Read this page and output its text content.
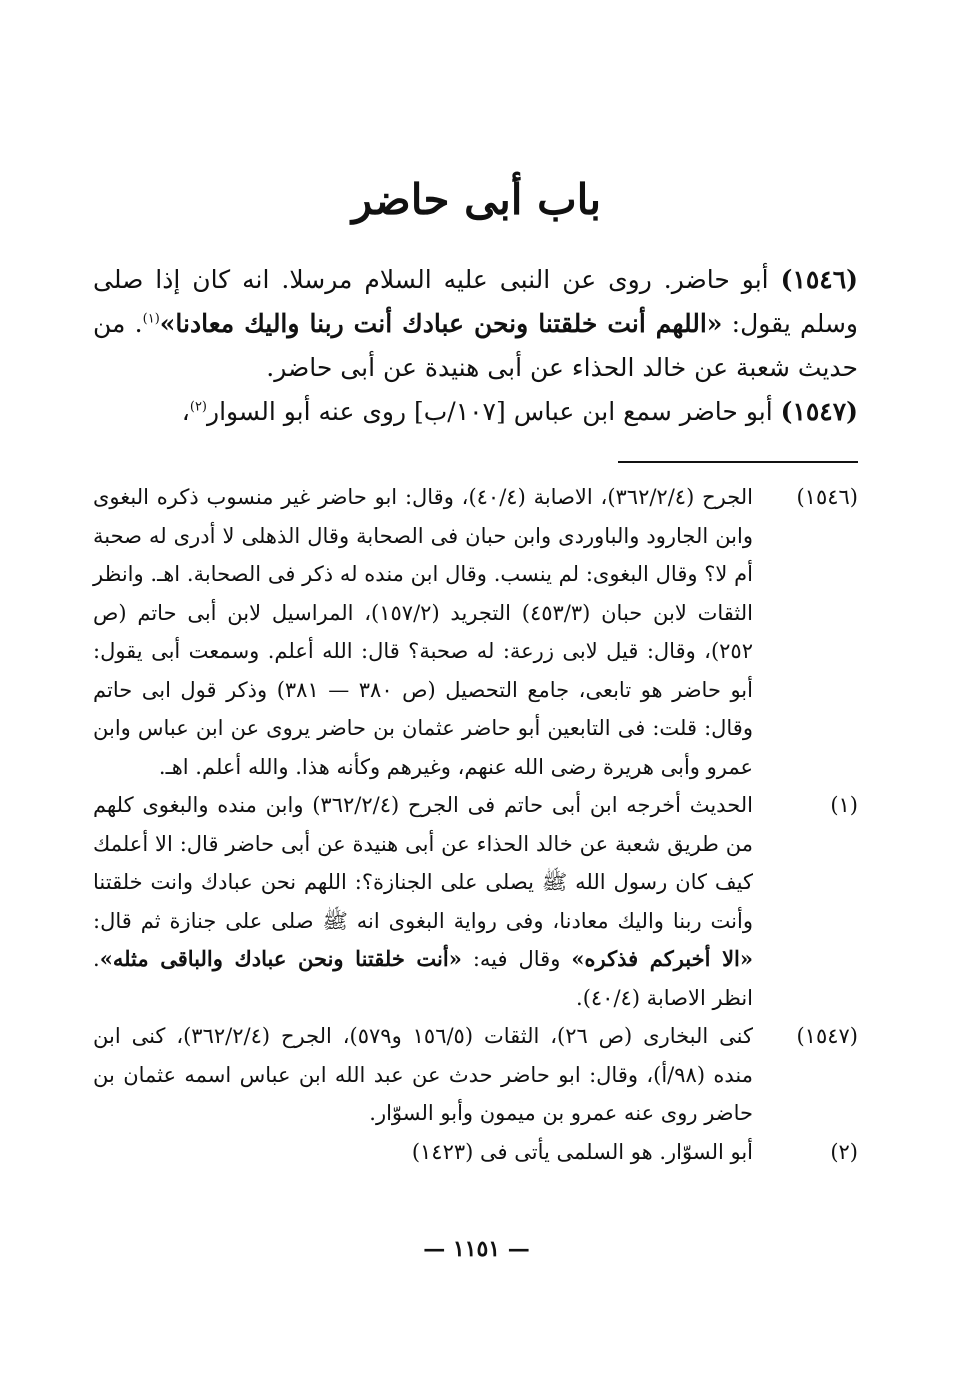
باب أبى حاضر

(١٥٤٦) أبو حاضر. روى عن النبى عليه السلام مرسلا. انه كان إذا صلى وسلم يقول: «اللهم أنت خلقتنا ونحن عبادك أنت ربنا واليك معادنا»$^{(١)}$. من حديث شعبة عن خالد الحذاء عن أبى هنيدة عن أبى حاضر.

(١٥٤٧) أبو حاضر سمع ابن عباس [١٠٧/ب] روى عنه أبو السوار$^{(٢)}$،

(١٥٤٦)
الجرح (٣٦٢/٢/٤)، الاصابة (٤٠/٤)، وقال: ابو حاضر غير منسوب ذكره البغوى وابن الجارود والباوردى وابن حبان فى الصحابة وقال الذهلى لا أدرى له صحبة أم لا؟ وقال البغوى: لم ينسب. وقال ابن منده له ذكر فى الصحابة. اهـ. وانظر الثقات لابن حبان (٤٥٣/٣) التجريد (١٥٧/٢)، المراسيل لابن أبى حاتم (ص ٢٥٢)، وقال: قيل لابى زرعة: له صحبة؟ قال: الله أعلم. وسمعت أبى يقول: أبو حاضر هو تابعى، جامع التحصيل (ص ٣٨٠ — ٣٨١) وذكر قول ابى حاتم وقال: قلت: فى التابعين أبو حاضر عثمان بن حاضر يروى عن ابن عباس وابن عمرو وأبى هريرة رضى الله عنهم، وغيرهم وكأنه هذا. والله أعلم. اهـ.
(١)
الحديث أخرجه ابن أبى حاتم فى الجرح (٣٦٢/٢/٤) وابن منده والبغوى كلهم من طريق شعبة عن خالد الحذاء عن أبى هنيدة عن أبى حاضر قال: الا أعلمك كيف كان رسول الله ﷺ يصلى على الجنازة؟: اللهم نحن عبادك وانت خلقتنا وأنت ربنا واليك معادنا، وفى رواية البغوى انه ﷺ صلى على جنازة ثم قال: «الا أخبركم فذكره» وقال فيه: «أنت خلقتنا ونحن عبادك والباقى مثله». انظر الاصابة (٤٠/٤).
(١٥٤٧)
كنى البخارى (ص ٢٦)، الثقات (١٥٦/٥ و٥٧٩)، الجرح (٣٦٢/٢/٤)، كنى ابن منده (٩٨/أ)، وقال: ابو حاضر حدث عن عبد الله ابن عباس اسمه عثمان بن حاضر روى عنه عمرو بن ميمون وأبو السوّار.
(٢)
أبو السوّار. هو السلمى يأتى فى (١٤٢٣)
— ١١٥١ —
